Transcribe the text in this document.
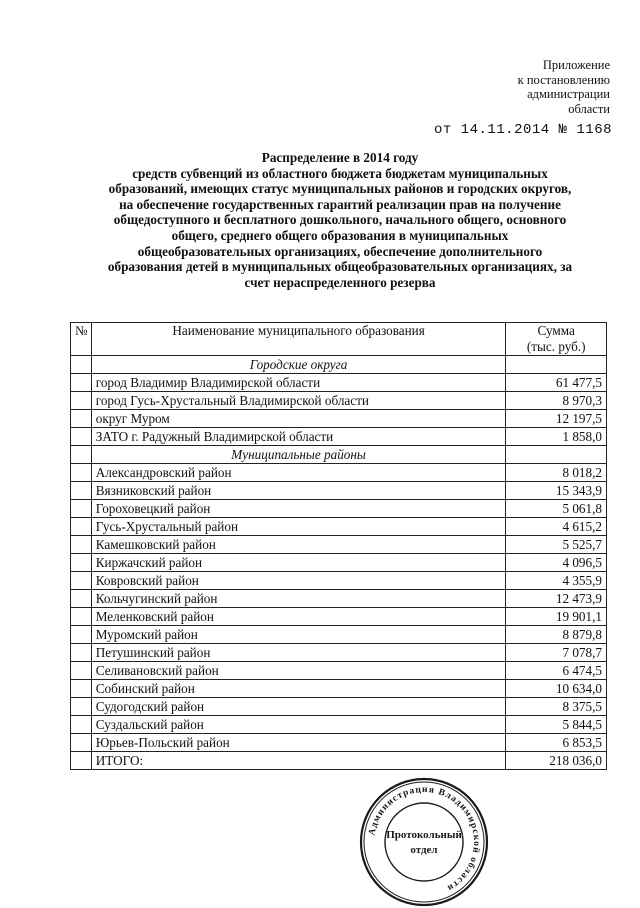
Приложение
к постановлению
администрации
области
от 14.11.2014 № 1168
Распределение в 2014 году
средств субвенций из областного бюджета бюджетам муниципальных
образований, имеющих статус муниципальных районов и городских округов,
на обеспечение государственных гарантий реализации прав на получение
общедоступного и бесплатного дошкольного, начального общего, основного
общего, среднего общего образования в муниципальных
общеобразовательных организациях, обеспечение дополнительного
образования детей в муниципальных общеобразовательных организациях, за
счет нераспределенного резерва
№	Наименование муниципального образования	Сумма
(тыс. руб.)

	Городские округа	
	город Владимир Владимирской области	61 477,5
	город Гусь-Хрустальный Владимирской области	8 970,3
	округ Муром	12 197,5
	ЗАТО г. Радужный Владимирской области	1 858,0
	Муниципальные районы	
	Александровский район	8 018,2
	Вязниковский район	15 343,9
	Гороховецкий район	5 061,8
	Гусь-Хрустальный район	4 615,2
	Камешковский район	5 525,7
	Киржачский район	4 096,5
	Ковровский район	4 355,9
	Кольчугинский район	12 473,9
	Меленковский район	19 901,1
	Муромский район	8 879,8
	Петушинский район	7 078,7
	Селивановский район	6 474,5
	Собинский район	10 634,0
	Судогодский район	8 375,5
	Суздальский район	5 844,5
	Юрьев-Польский район	6 853,5
	ИТОГО:	218 036,0
Администрация Владимирской области
Протокольный
отдел
